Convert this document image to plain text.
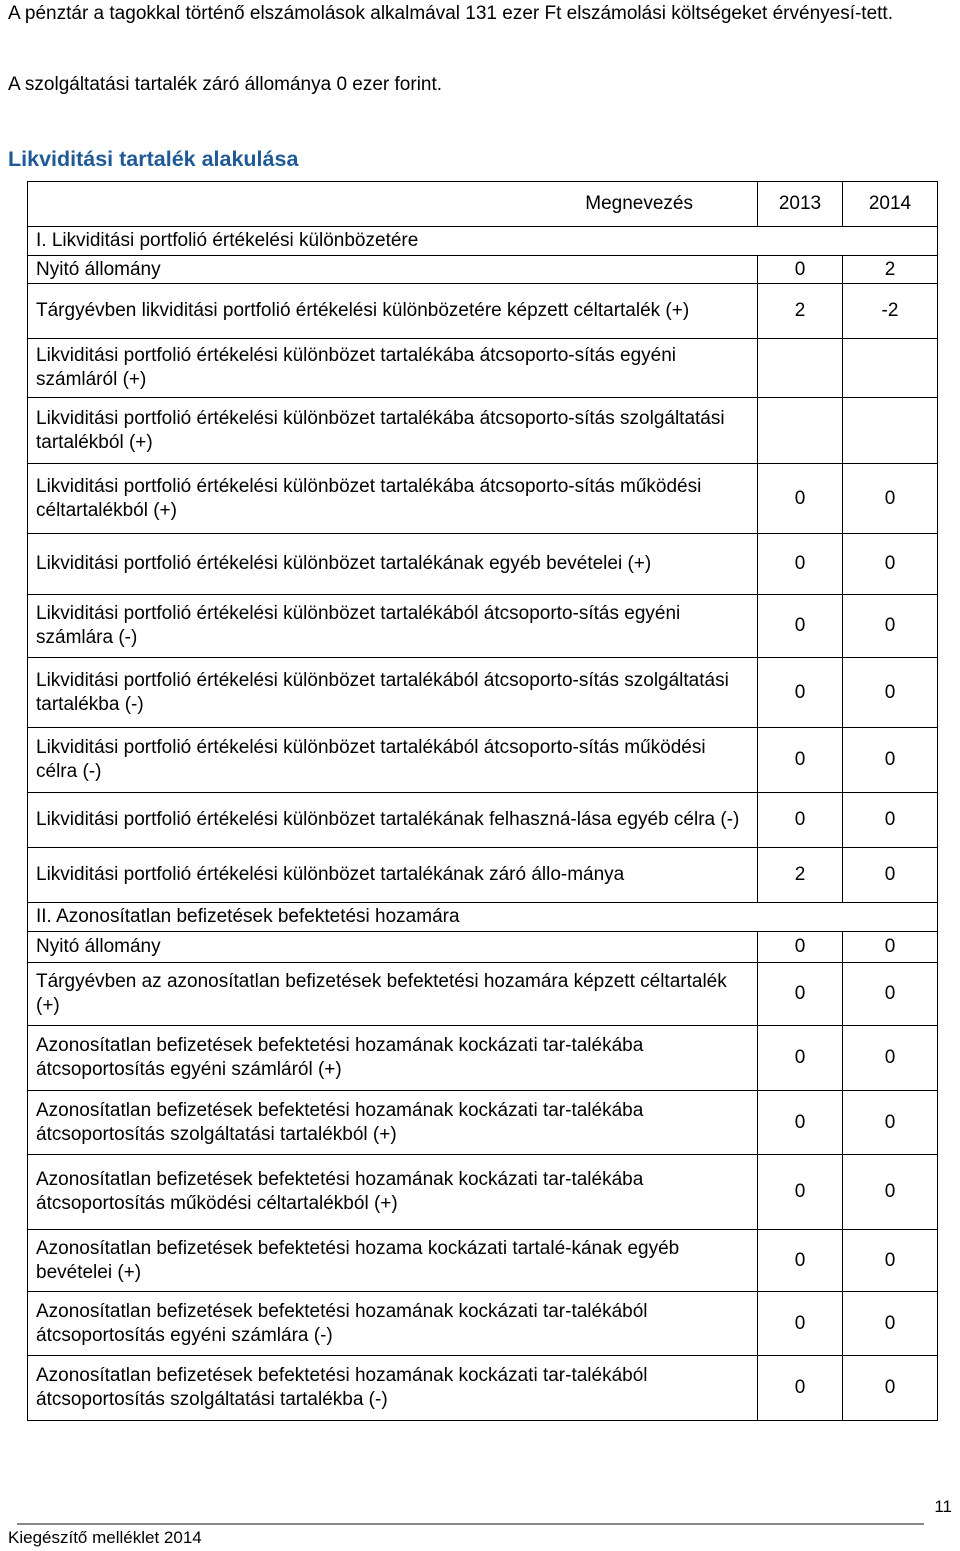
A pénztár a tagokkal történő elszámolások alkalmával 131 ezer Ft elszámolási költségeket érvényesí-tett.
A szolgáltatási tartalék záró állománya 0 ezer forint.
Likviditási tartalék alakulása
Megnevezés	2013	2014
I. Likviditási portfolió értékelési különbözetére		
Nyitó állomány	0	2
Tárgyévben likviditási portfolió értékelési különbözetére képzett céltartalék (+)	2	-2
Likviditási portfolió értékelési különbözet tartalékába átcsoporto-sítás egyéni számláról (+)		
Likviditási portfolió értékelési különbözet tartalékába átcsoporto-sítás szolgáltatási tartalékból (+)		
Likviditási portfolió értékelési különbözet tartalékába átcsoporto-sítás működési céltartalékból (+)	0	0
Likviditási portfolió értékelési különbözet tartalékának egyéb bevételei (+)	0	0
Likviditási portfolió értékelési különbözet tartalékából átcsoporto-sítás egyéni számlára (-)	0	0
Likviditási portfolió értékelési különbözet tartalékából átcsoporto-sítás szolgáltatási tartalékba (-)	0	0
Likviditási portfolió értékelési különbözet tartalékából átcsoporto-sítás működési célra (-)	0	0
Likviditási portfolió értékelési különbözet tartalékának felhaszná-lása egyéb célra (-)	0	0
Likviditási portfolió értékelési különbözet tartalékának záró állo-mánya	2	0
II. Azonosítatlan befizetések befektetési hozamára		
Nyitó állomány	0	0
Tárgyévben az azonosítatlan befizetések befektetési hozamára képzett céltartalék (+)	0	0
Azonosítatlan befizetések befektetési hozamának kockázati tar-talékába átcsoportosítás egyéni számláról (+)	0	0
Azonosítatlan befizetések befektetési hozamának kockázati tar-talékába átcsoportosítás szolgáltatási tartalékból (+)	0	0
Azonosítatlan befizetések befektetési hozamának kockázati tar-talékába átcsoportosítás működési céltartalékból (+)	0	0
Azonosítatlan befizetések befektetési hozama kockázati tartalé-kának egyéb bevételei (+)	0	0
Azonosítatlan befizetések befektetési hozamának kockázati tar-talékából átcsoportosítás egyéni számlára (-)	0	0
Azonosítatlan befizetések befektetési hozamának kockázati tar-talékából átcsoportosítás szolgáltatási tartalékba (-)	0	0
11
Kiegészítő melléklet 2014
